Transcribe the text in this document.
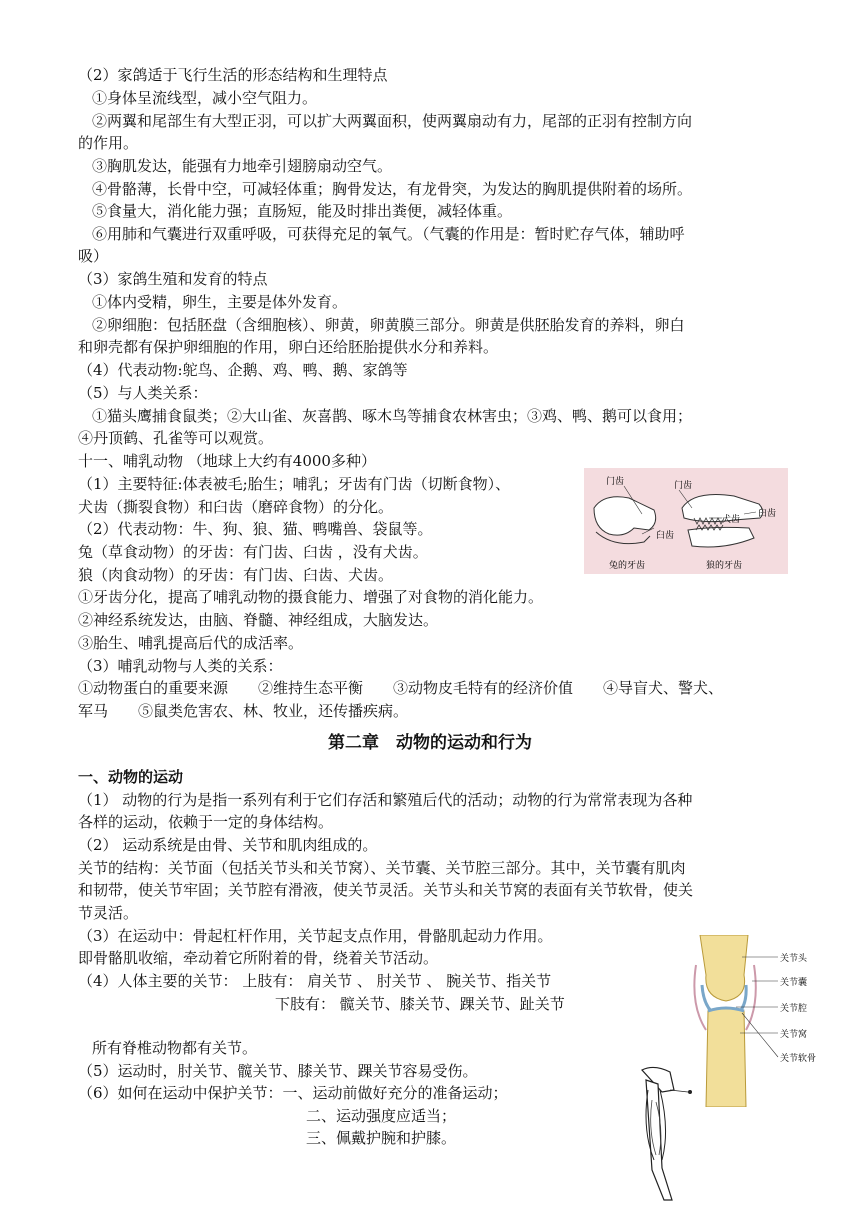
（2）家鸽适于飞行生活的形态结构和生理特点
①身体呈流线型，减小空气阻力。
②两翼和尾部生有大型正羽，可以扩大两翼面积，使两翼扇动有力，尾部的正羽有控制方向
的作用。
③胸肌发达，能强有力地牵引翅膀扇动空气。
④骨骼薄，长骨中空，可减轻体重；胸骨发达，有龙骨突，为发达的胸肌提供附着的场所。
⑤食量大，消化能力强；直肠短，能及时排出粪便，减轻体重。
⑥用肺和气囊进行双重呼吸，可获得充足的氧气。（气囊的作用是：暂时贮存气体，辅助呼
吸）
（3）家鸽生殖和发育的特点
①体内受精，卵生，主要是体外发育。
②卵细胞：包括胚盘（含细胞核）、卵黄，卵黄膜三部分。卵黄是供胚胎发育的养料，卵白
和卵壳都有保护卵细胞的作用，卵白还给胚胎提供水分和养料。
（4）代表动物:鸵鸟、企鹅、鸡、鸭、鹅、家鸽等
（5）与人类关系：
①猫头鹰捕食鼠类；②大山雀、灰喜鹊、啄木鸟等捕食农林害虫；③鸡、鸭、鹅可以食用；
④丹顶鹤、孔雀等可以观赏。
十一、哺乳动物 （地球上大约有4000多种）
（1）主要特征:体表被毛;胎生；哺乳；牙齿有门齿（切断食物）、
犬齿（撕裂食物）和臼齿（磨碎食物）的分化。
（2）代表动物：牛、狗、狼、猫、鸭嘴兽、袋鼠等。
兔（草食动物）的牙齿：有门齿、臼齿 ，没有犬齿。
狼（肉食动物）的牙齿：有门齿、臼齿、犬齿。
①牙齿分化，提高了哺乳动物的摄食能力、增强了对食物的消化能力。
②神经系统发达，由脑、脊髓、神经组成，大脑发达。
③胎生、哺乳提高后代的成活率。
（3）哺乳动物与人类的关系：
①动物蛋白的重要来源　　②维持生态平衡　　③动物皮毛特有的经济价值　　④导盲犬、警犬、
军马　　⑤鼠类危害农、林、牧业，还传播疾病。
一、动物的运动
（1） 动物的行为是指一系列有利于它们存活和繁殖后代的活动；动物的行为常常表现为各种
各样的运动，依赖于一定的身体结构。
（2） 运动系统是由骨、关节和肌肉组成的。
关节的结构：关节面（包括关节头和关节窝）、关节囊、关节腔三部分。其中，关节囊有肌肉
和韧带，使关节牢固；关节腔有滑液，使关节灵活。关节头和关节窝的表面有关节软骨，使关
节灵活。
（3）在运动中：骨起杠杆作用，关节起支点作用，骨骼肌起动力作用。
即骨骼肌收缩，牵动着它所附着的骨，绕着关节活动。
（4）人体主要的关节： 上肢有： 肩关节 、 肘关节 、 腕关节、指关节
下肢有： 髋关节、膝关节、踝关节、趾关节
所有脊椎动物都有关节。
（5）运动时，肘关节、髋关节、膝关节、踝关节容易受伤。
（6）如何在运动中保护关节：一、运动前做好充分的准备运动；
二、运动强度应适当；
三、佩戴护腕和护膝。
第二章　动物的运动和行为
门齿
臼齿
门齿
犬齿
臼齿
兔的牙齿	狼的牙齿
关节头
关节囊
关节腔
关节窝
关节软骨
